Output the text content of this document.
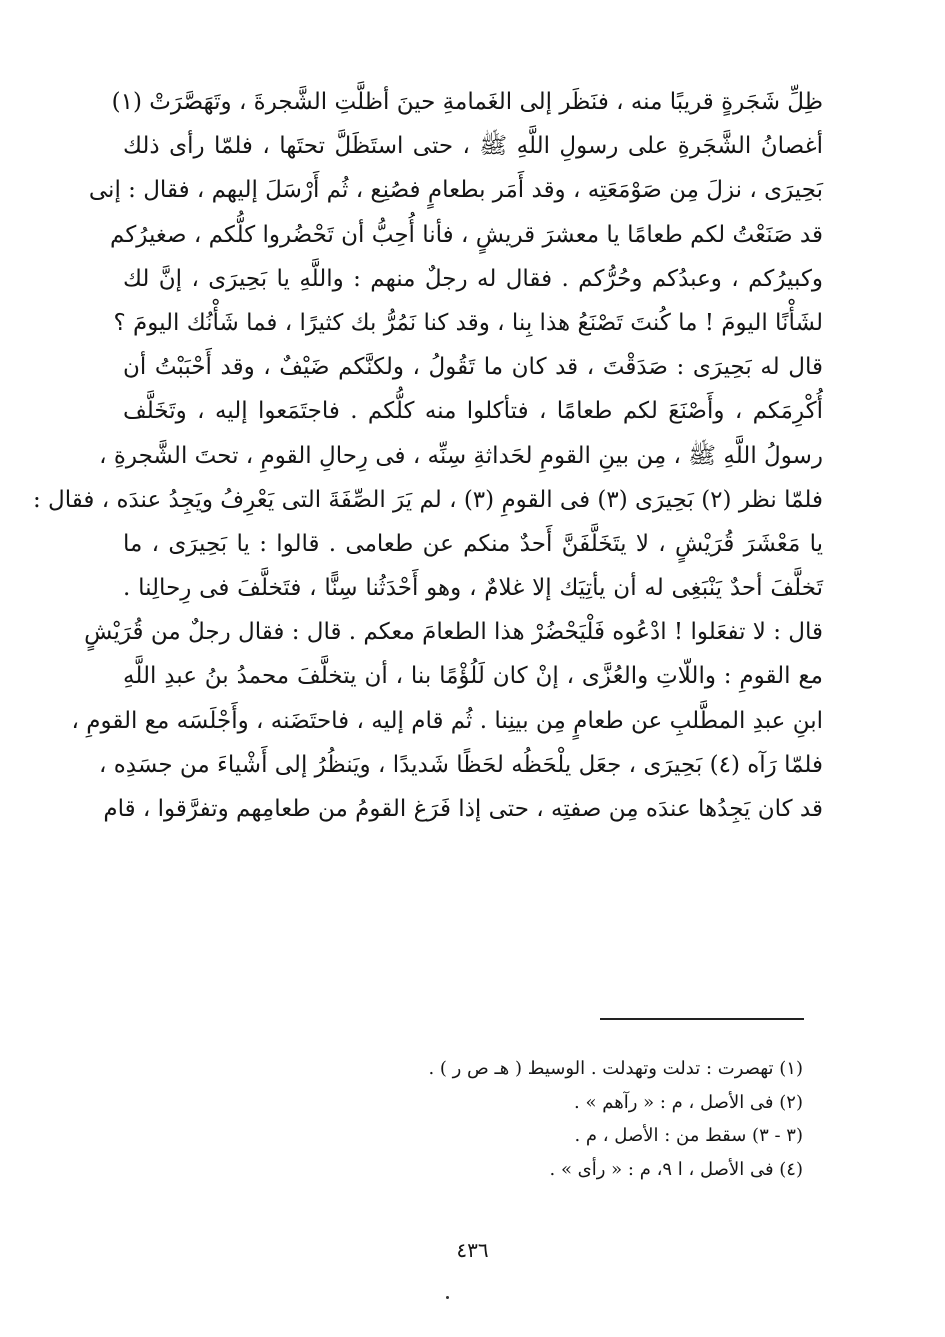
ظِلِّ شَجَرةٍ قريبًا منه ، فنَظَر إلى الغَمامةِ حينَ أظلَّتِ الشَّجرةَ ، وتَهَصَّرَتْ (١)
أغصانُ الشَّجَرةِ على رسولِ اللَّهِ ﷺ ، حتى استَظَلَّ تحتَها ، فلمّا رأى ذلك
بَحِيرَى ، نزلَ مِن صَوْمَعَتِه ، وقد أَمَر بطعامٍ فصُنِع ، ثُم أَرْسَلَ إليهم ، فقال : إنى
قد صَنَعْتُ لكم طعامًا يا معشرَ قريشٍ ، فأنا أُحِبُّ أن تَحْضُروا كلُّكم ، صغيرُكم
وكبيرُكم ، وعبدُكم وحُرُّكم . فقال له رجلٌ منهم : واللَّهِ يا بَحِيرَى ، إنَّ لك
لشَأْنًا اليومَ ! ما كُنتَ تَصْنَعُ هذا بِنا ، وقد كنا نَمُرُّ بك كثيرًا ، فما شَأْنُك اليومَ ؟
قال له بَحِيرَى : صَدَقْتَ ، قد كان ما تَقُولُ ، ولكنَّكم ضَيْفٌ ، وقد أَحْبَبْتُ أن
أُكْرِمَكم ، وأَصْنَعَ لكم طعامًا ، فتأكلوا منه كلُّكم . فاجتَمَعوا إليه ، وتَخَلَّف
رسولُ اللَّهِ ﷺ ، مِن بينِ القومِ لحَداثةِ سِنِّه ، فى رِحالِ القومِ ، تحتَ الشَّجرةِ ،
فلمّا نظر (٢) بَحِيرَى (٣) فى القومِ (٣) ، لم يَرَ الصِّفَةَ التى يَعْرِفُ ويَجِدُ عندَه ، فقال :
يا مَعْشَرَ قُرَيْشٍ ، لا يتَخَلَّفَنَّ أَحدٌ منكم عن طعامى . قالوا : يا بَحِيرَى ، ما
تَخلَّفَ أحدٌ يَنْبَغِى له أن يأتِيَك إلا غلامٌ ، وهو أَحْدَثُنا سِنًّا ، فتَخلَّفَ فى رِحالِنا .
قال : لا تفعَلوا ! ادْعُوه فَلْيَحْضُرْ هذا الطعامَ معكم . قال : فقال رجلٌ من قُرَيْشٍ
مع القومِ : واللّاتِ والعُزَّى ، إنْ كان لَلُؤْمًا بنا ، أن يتخلَّفَ محمدُ بنُ عبدِ اللَّهِ
ابنِ عبدِ المطَّلبِ عن طعامٍ مِن بينِنا . ثُم قام إليه ، فاحتَضَنه ، وأَجْلَسَه مع القومِ ،
فلمّا رَآه (٤) بَحِيرَى ، جعَل يلْحَظُه لحَظًا شَديدًا ، ويَنظُرُ إلى أَشْياءَ من جسَدِه ،
قد كان يَجِدُها عندَه مِن صفتِه ، حتى إذا فَرَغ القومُ من طعامِهم وتفرَّقوا ، قام
(١) تهصرت : تدلت وتهدلت . الوسيط ( هـ ص ر ) .
(٢) فى الأصل ، م : « رآهم » .
(٣ - ٣) سقط من : الأصل ، م .
(٤) فى الأصل ، ا ٩، م : « رأى » .
٤٣٦
